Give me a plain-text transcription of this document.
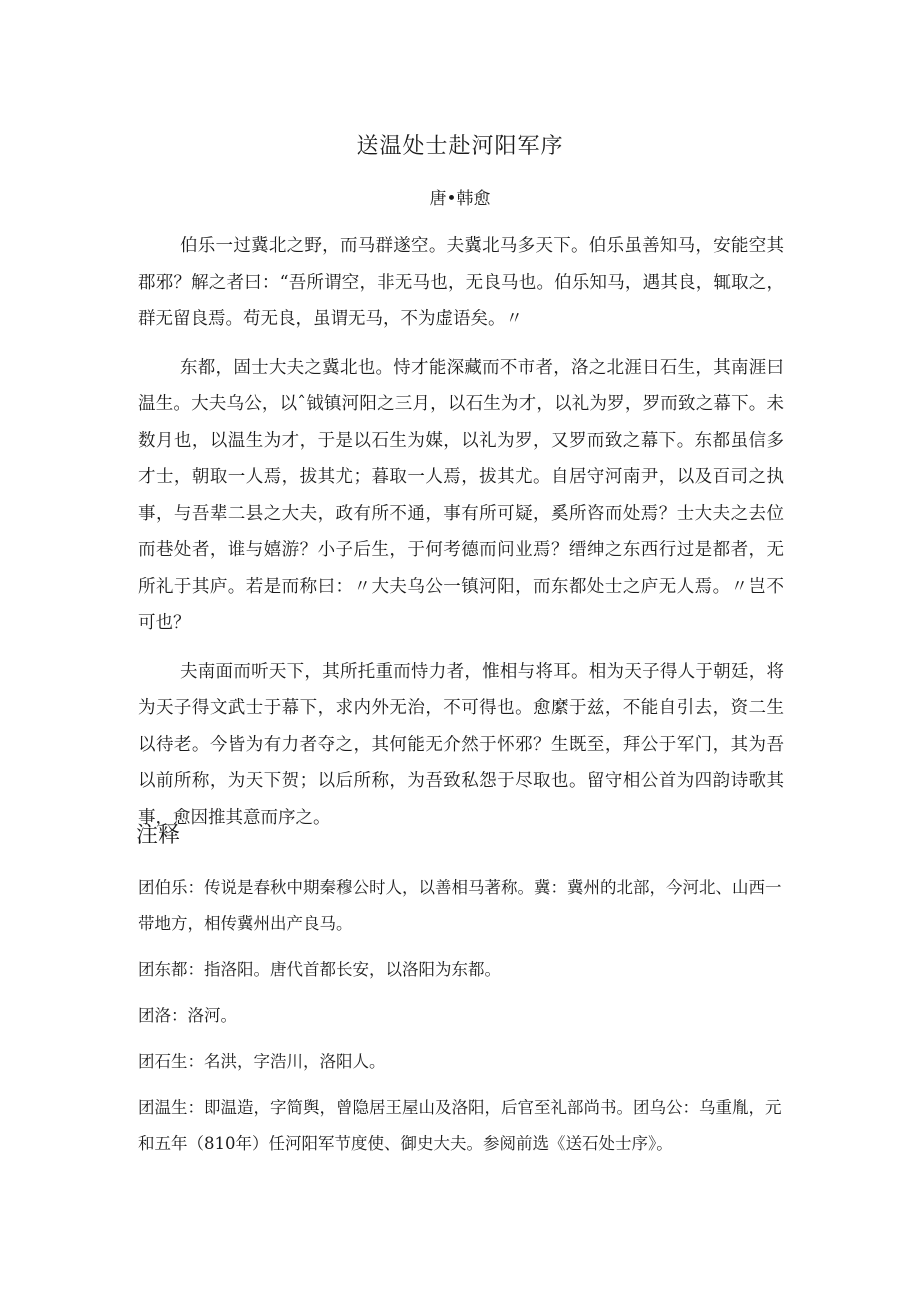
送温处士赴河阳军序
唐•韩愈

伯乐一过冀北之野，而马群遂空。夫冀北马多天下。伯乐虽善知马，安能空其郡邪？解之者曰：“吾所谓空，非无马也，无良马也。伯乐知马，遇其良，辄取之，群无留良焉。苟无良，虽谓无马，不为虚语矣。〃

东都，固士大夫之冀北也。恃才能深藏而不市者，洛之北涯日石生，其南涯曰温生。大夫乌公，以ˆ钺镇河阳之三月，以石生为才，以礼为罗，罗而致之幕下。未数月也，以温生为才，于是以石生为媒，以礼为罗，又罗而致之幕下。东都虽信多才士，朝取一人焉，拔其尤；暮取一人焉，拔其尤。自居守河南尹，以及百司之执事，与吾辈二县之大夫，政有所不通，事有所可疑，奚所咨而处焉？士大夫之去位而巷处者，谁与嬉游？小子后生，于何考德而问业焉？缙绅之东西行过是都者，无所礼于其庐。若是而称曰：〃大夫乌公一镇河阳，而东都处士之庐无人焉。〃岂不可也？

夫南面而听天下，其所托重而恃力者，惟相与将耳。相为天子得人于朝廷，将为天子得文武士于幕下，求内外无治，不可得也。愈縻于兹，不能自引去，资二生以待老。今皆为有力者夺之，其何能无介然于怀邪？生既至，拜公于军门，其为吾以前所称，为天下贺；以后所称，为吾致私怨于尽取也。留守相公首为四韵诗歌其事，愈因推其意而序之。

注释

团伯乐：传说是春秋中期秦穆公时人，以善相马著称。冀：冀州的北部，今河北、山西一带地方，相传冀州出产良马。

团东都：指洛阳。唐代首都长安，以洛阳为东都。

团洛：洛河。

团石生：名洪，字浩川，洛阳人。

团温生：即温造，字简舆，曾隐居王屋山及洛阳，后官至礼部尚书。团乌公：乌重胤，元和五年（810年）任河阳军节度使、御史大夫。参阅前选《送石处士序》。
